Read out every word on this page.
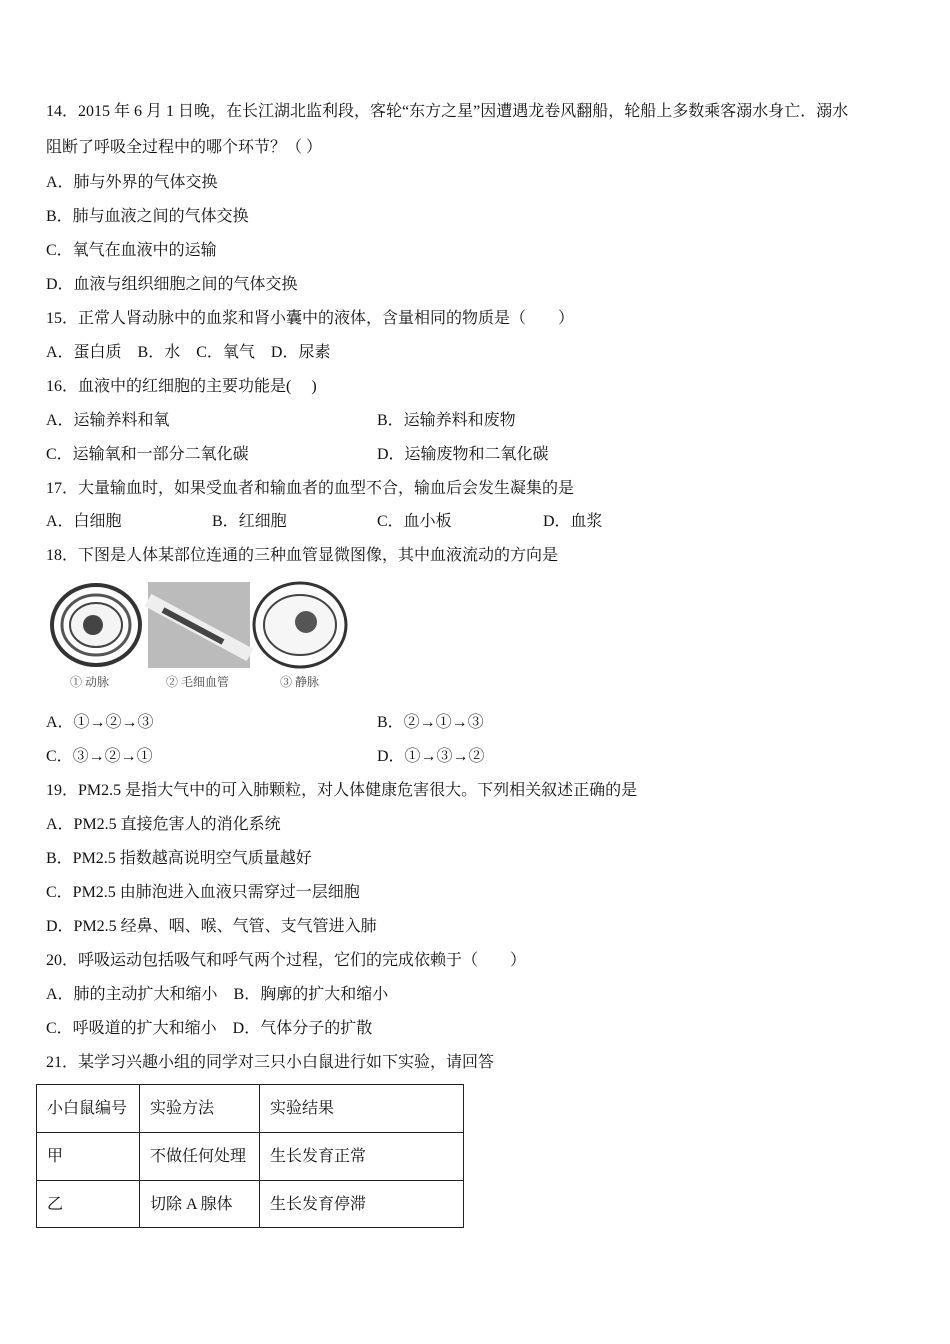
14．2015 年 6 月 1 日晚，在长江湖北监利段，客轮“东方之星”因遭遇龙卷风翻船，轮船上多数乘客溺水身亡．溺水
阻断了呼吸全过程中的哪个环节？（ ）
A．肺与外界的气体交换
B．肺与血液之间的气体交换
C．氧气在血液中的运输
D．血液与组织细胞之间的气体交换
15．正常人肾动脉中的血浆和肾小囊中的液体，含量相同的物质是（　　）
A．蛋白质　B．水　C．氧气　D．尿素
16．血液中的红细胞的主要功能是(　 )
A．运输养料和氧	B．运输养料和废物
C．运输氧和一部分二氧化碳	D．运输废物和二氧化碳
17．大量输血时，如果受血者和输血者的血型不合，输血后会发生凝集的是
A．白细胞	B．红细胞	C．血小板	D．血浆
18．下图是人体某部位连通的三种血管显微图像，其中血液流动的方向是
① 动脉	② 毛细血管	③ 静脉
A．①→②→③	B．②→①→③
C．③→②→①	D．①→③→②
19．PM2.5 是指大气中的可入肺颗粒，对人体健康危害很大。下列相关叙述正确的是
A．PM2.5 直接危害人的消化系统
B．PM2.5 指数越高说明空气质量越好
C．PM2.5 由肺泡进入血液只需穿过一层细胞
D．PM2.5 经鼻、咽、喉、气管、支气管进入肺
20．呼吸运动包括吸气和呼气两个过程，它们的完成依赖于（　　）
A．肺的主动扩大和缩小　B．胸廓的扩大和缩小
C．呼吸道的扩大和缩小　D．气体分子的扩散
21．某学习兴趣小组的同学对三只小白鼠进行如下实验，请回答
小白鼠编号	实验方法	实验结果
甲	不做任何处理	生长发育正常
乙	切除 A 腺体	生长发育停滞
